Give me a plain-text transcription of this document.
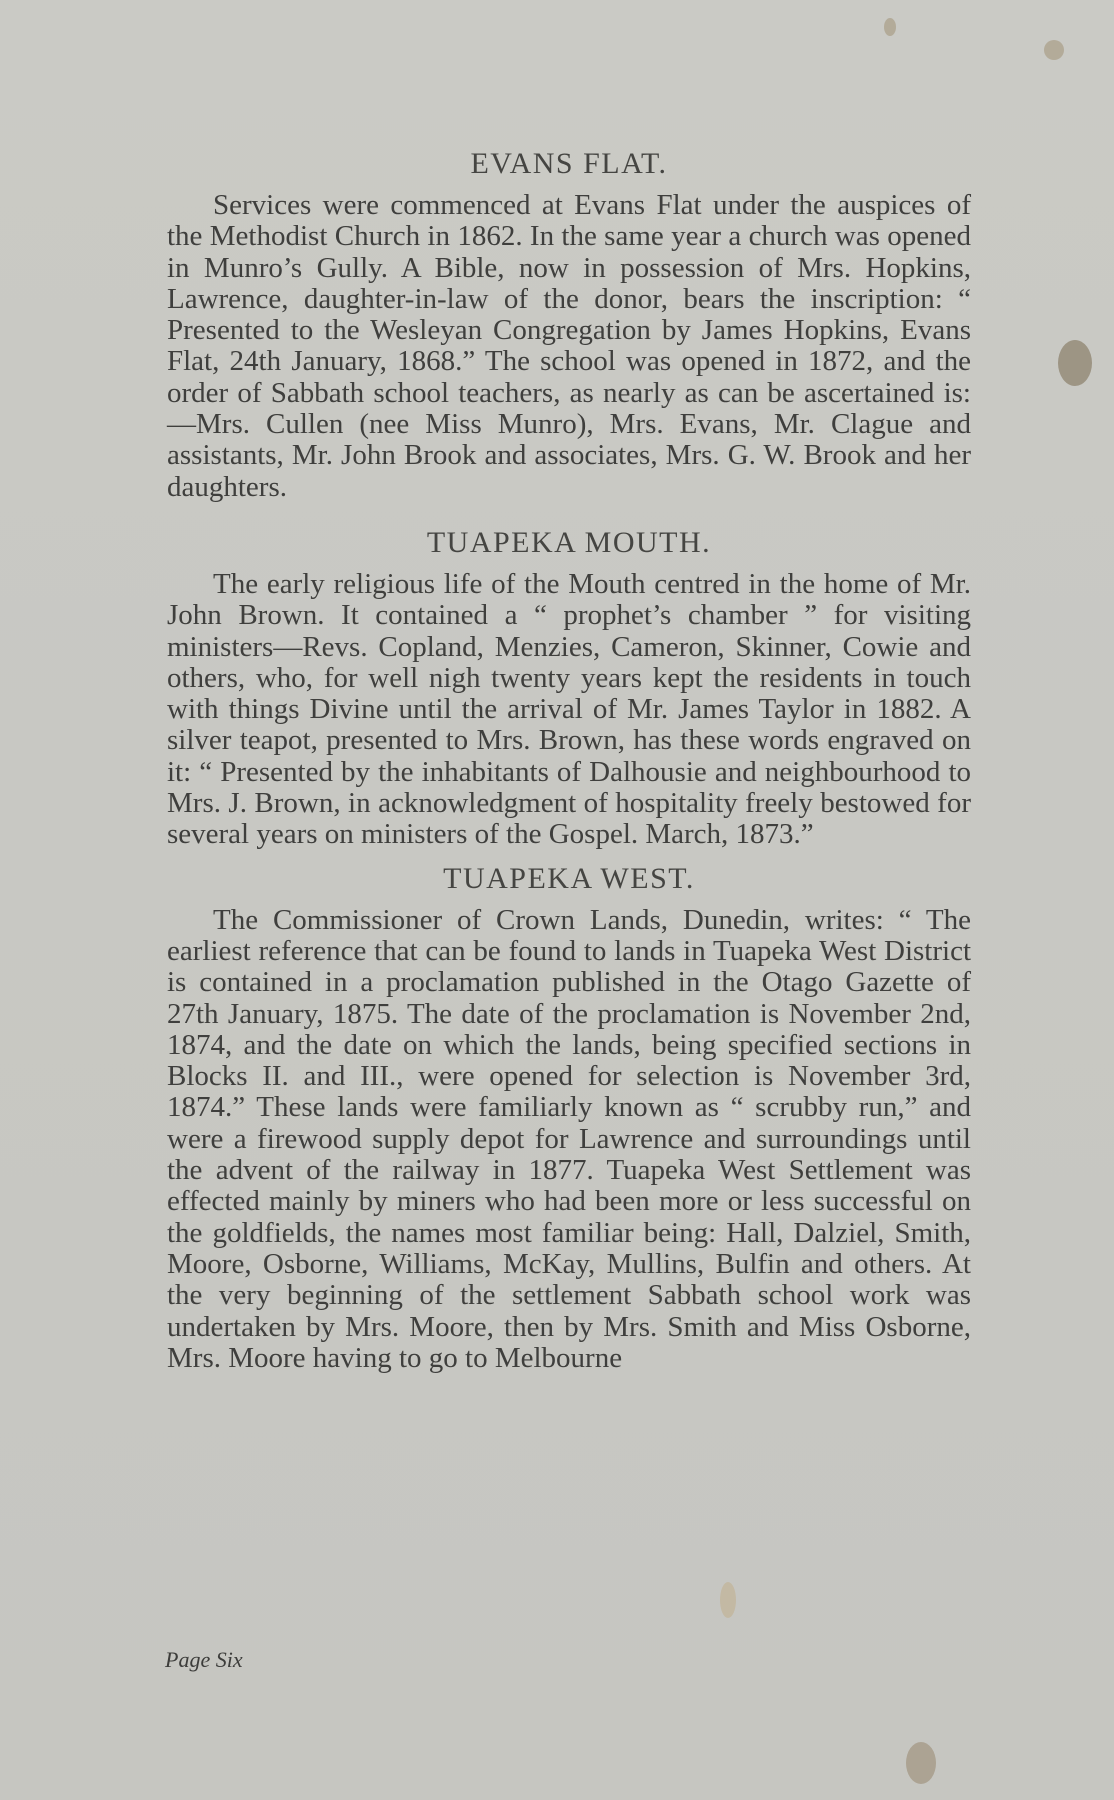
EVANS FLAT.

Services were commenced at Evans Flat under the auspices of the Methodist Church in 1862. In the same year a church was opened in Munro’s Gully. A Bible, now in possession of Mrs. Hopkins, Lawrence, daughter-in-law of the donor, bears the inscription: “ Presented to the Wesleyan Congregation by James Hopkins, Evans Flat, 24th January, 1868.” The school was opened in 1872, and the order of Sabbath school teachers, as nearly as can be ascertained is:—Mrs. Cullen (nee Miss Munro), Mrs. Evans, Mr. Clague and assistants, Mr. John Brook and associates, Mrs. G. W. Brook and her daughters.

TUAPEKA MOUTH.

The early religious life of the Mouth centred in the home of Mr. John Brown. It contained a “ prophet’s chamber ” for visiting ministers—Revs. Copland, Menzies, Cameron, Skinner, Cowie and others, who, for well nigh twenty years kept the residents in touch with things Divine until the arrival of Mr. James Taylor in 1882. A silver teapot, presented to Mrs. Brown, has these words engraved on it: “ Presented by the inhabitants of Dalhousie and neighbourhood to Mrs. J. Brown, in acknowledgment of hospitality freely bestowed for several years on ministers of the Gospel. March, 1873.”

TUAPEKA WEST.

The Commissioner of Crown Lands, Dunedin, writes: “ The earliest reference that can be found to lands in Tuapeka West District is contained in a proclamation published in the Otago Gazette of 27th January, 1875. The date of the proclamation is November 2nd, 1874, and the date on which the lands, being specified sections in Blocks II. and III., were opened for selection is November 3rd, 1874.” These lands were familiarly known as “ scrubby run,” and were a firewood supply depot for Lawrence and surroundings until the advent of the railway in 1877. Tuapeka West Settlement was effected mainly by miners who had been more or less successful on the goldfields, the names most familiar being: Hall, Dalziel, Smith, Moore, Osborne, Williams, McKay, Mullins, Bulfin and others. At the very beginning of the settlement Sabbath school work was undertaken by Mrs. Moore, then by Mrs. Smith and Miss Osborne, Mrs. Moore having to go to Melbourne

Page Six
